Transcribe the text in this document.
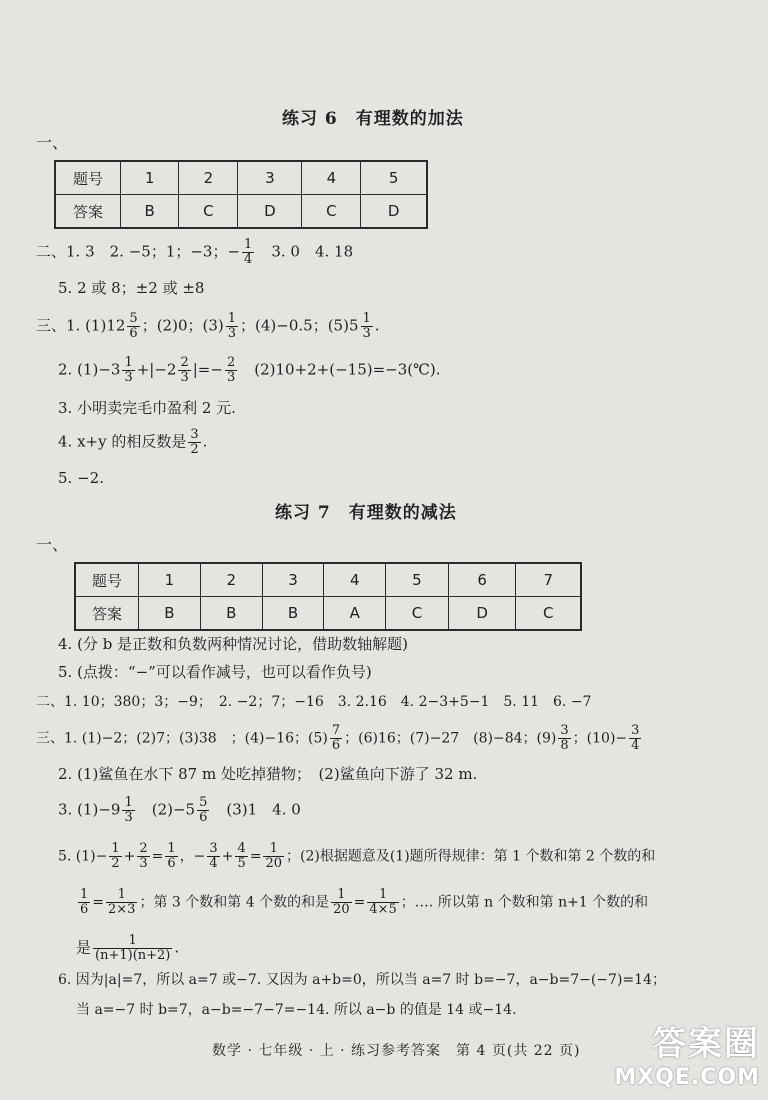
练习 6　有理数的加法
一、
题号	1	2	3	4	5
答案	B	C	D	C	D
二、1. 3　2. −5；1；−3；− $\frac{1}{4}$ 　3. 0　4. 18
5. 2 或 8；±2 或 ±8
三、1. $(1)12 \frac{5}{6}$ ；(2)0；$(3) \frac{1}{3}$ ；(4)−0.5；$(5)5 \frac{1}{3}$ .
2. $(1)-3 \frac{1}{3} +|-2 \frac{2}{3}$ |=− $\frac{2}{3}$ 　(2)10+2+(−15)=−3(℃).
3. 小明卖完毛巾盈利 2 元.
4. x+y 的相反数是 $\frac{3}{2}$ .
5. −2.
练习 7　有理数的减法
一、
题号	1	2	3	4	5	6	7
答案	B	B	B	A	C	D	C
4. (分 b 是正数和负数两种情况讨论，借助数轴解题)
5. (点拨：“−”可以看作减号，也可以看作负号)
二、1. 10；380；3；−9；　2. −2；7；−16　3. 2.16　4. 2−3+5−1　5. 11　6. −7
三、1. (1)−2；(2)7；(3)38　；(4)−16；$(5) \frac{7}{6}$ ；(6)16；(7)−27　(8)−84；$(9) \frac{3}{8}$ ；$(10)- \frac{3}{4}$
2. (1)鲨鱼在水下 87 m 处吃掉猎物；　(2)鲨鱼向下游了 32 m.
3. $(1)-9 \frac{1}{3}$ 　$(2)-5 \frac{5}{6}$ 　(3)1　4. 0
5. $(1)- \frac{1}{2} + \frac{2}{3} = \frac{1}{6}$ ，− $\frac{3}{4} + \frac{4}{5} = \frac{1}{20}$ ；(2)根据题意及(1)题所得规律：第 1 个数和第 2 个数的和
$\frac{1}{6} = \frac{1}{2\times 3}$ ；第 3 个数和第 4 个数的和是 $\frac{1}{20} = \frac{1}{4\times 5}$ ；…. 所以第 n 个数和第 n+1 个数的和
是 $\frac{1}{(n+1)(n+2)}$ .
6. 因为|a|=7，所以 a=7 或−7. 又因为 a+b=0，所以当 a=7 时 b=−7，a−b=7−(−7)=14；
当 a=−7 时 b=7，a−b=−7−7=−14. 所以 a−b 的值是 14 或−14.
数学 · 七年级 · 上 · 练习参考答案　第 4 页(共 22 页)	答案圈
MXQE.COM
